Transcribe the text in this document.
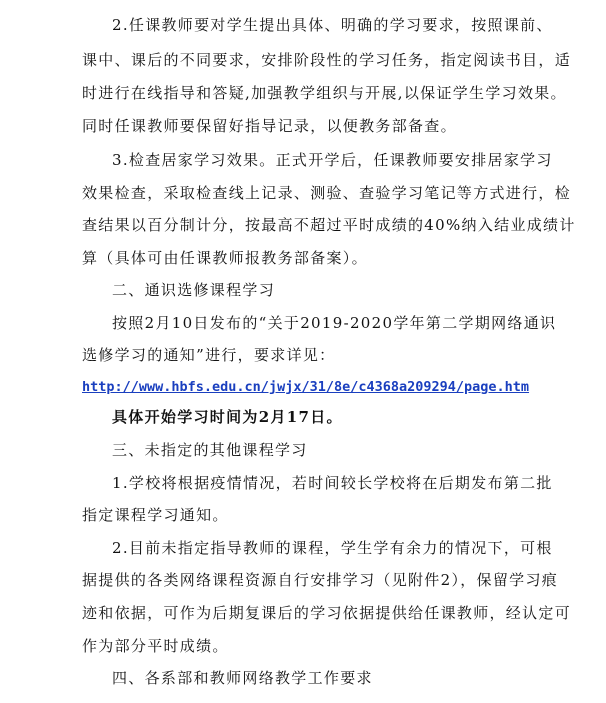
2.任课教师要对学生提出具体、明确的学习要求，按照课前、
课中、课后的不同要求，安排阶段性的学习任务，指定阅读书目，适
时进行在线指导和答疑,加强教学组织与开展,以保证学生学习效果。
同时任课教师要保留好指导记录，以便教务部备查。
3.检查居家学习效果。正式开学后，任课教师要安排居家学习
效果检查，采取检查线上记录、测验、查验学习笔记等方式进行，检
查结果以百分制计分，按最高不超过平时成绩的40%纳入结业成绩计
算（具体可由任课教师报教务部备案）。
二、通识选修课程学习
按照2月10日发布的“关于2019-2020学年第二学期网络通识
选修学习的通知”进行，要求详见：
http://www.hbfs.edu.cn/jwjx/31/8e/c4368a209294/page.htm
具体开始学习时间为2月17日。
三、未指定的其他课程学习
1.学校将根据疫情情况，若时间较长学校将在后期发布第二批
指定课程学习通知。
2.目前未指定指导教师的课程，学生学有余力的情况下，可根
据提供的各类网络课程资源自行安排学习（见附件2），保留学习痕
迹和依据，可作为后期复课后的学习依据提供给任课教师，经认定可
作为部分平时成绩。
四、各系部和教师网络教学工作要求
